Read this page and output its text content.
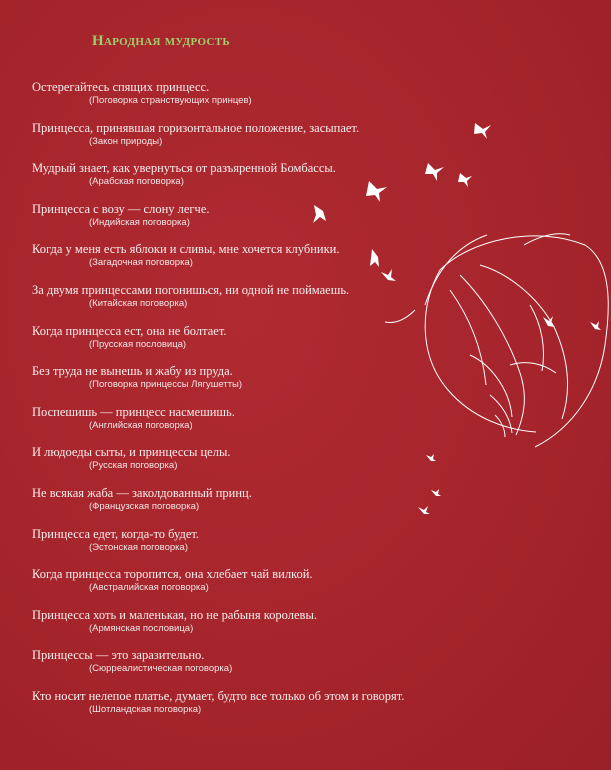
Народная мудрость
Остерегайтесь спящих принцесс.
(Поговорка странствующих принцев)
Принцесса, принявшая горизонтальное положение, засыпает.
(Закон природы)
Мудрый знает, как увернуться от разъяренной Бомбассы.
(Арабская поговорка)
Принцесса с возу — слону легче.
(Индийская поговорка)
Когда у меня есть яблоки и сливы, мне хочется клубники.
(Загадочная поговорка)
За двумя принцессами погонишься, ни одной не поймаешь.
(Китайская поговорка)
Когда принцесса ест, она не болтает.
(Прусская пословица)
Без труда не вынешь и жабу из пруда.
(Поговорка принцессы Лягушетты)
Поспешишь — принцесс насмешишь.
(Английская поговорка)
И людоеды сыты, и принцессы целы.
(Русская поговорка)
Не всякая жаба — заколдованный принц.
(Французская поговорка)
Принцесса едет, когда-то будет.
(Эстонская поговорка)
Когда принцесса торопится, она хлебает чай вилкой.
(Австралийская поговорка)
Принцесса хоть и маленькая, но не рабыня королевы.
(Армянская пословица)
Принцессы — это заразительно.
(Сюрреалистическая поговорка)
Кто носит нелепое платье, думает, будто все только об этом и говорят.
(Шотландская поговорка)
